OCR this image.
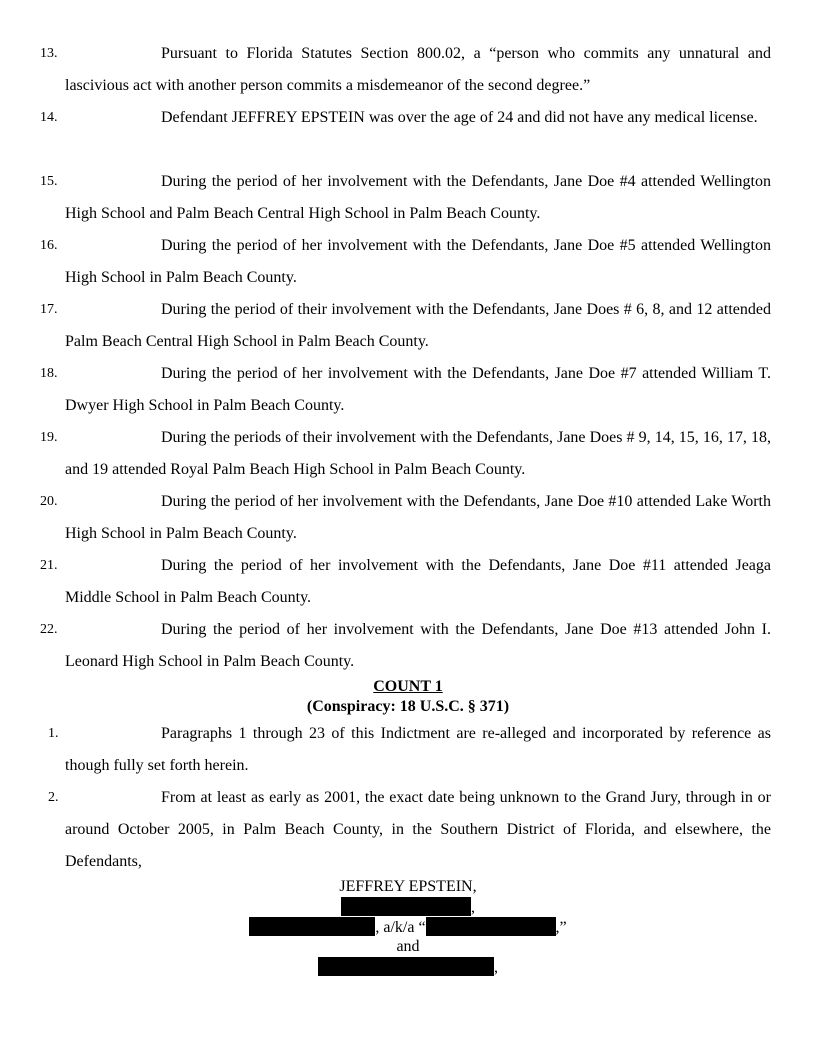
13.	Pursuant to Florida Statutes Section 800.02, a “person who commits any unnatural and lascivious act with another person commits a misdemeanor of the second degree.”

14.	Defendant JEFFREY EPSTEIN was over the age of 24 and did not have any medical license.

15.	During the period of her involvement with the Defendants, Jane Doe #4 attended Wellington High School and Palm Beach Central High School in Palm Beach County.

16.	During the period of her involvement with the Defendants, Jane Doe #5 attended Wellington High School in Palm Beach County.

17.	During the period of their involvement with the Defendants, Jane Does # 6, 8, and 12 attended Palm Beach Central High School in Palm Beach County.

18.	During the period of her involvement with the Defendants, Jane Doe #7 attended William T. Dwyer High School in Palm Beach County.

19.	During the periods of their involvement with the Defendants, Jane Does # 9, 14, 15, 16, 17, 18, and 19 attended Royal Palm Beach High School in Palm Beach County.

20.	During the period of her involvement with the Defendants, Jane Doe #10 attended Lake Worth High School in Palm Beach County.

21.	During the period of her involvement with the Defendants, Jane Doe #11 attended Jeaga Middle School in Palm Beach County.

22.	During the period of her involvement with the Defendants, Jane Doe #13 attended John I. Leonard High School in Palm Beach County.

COUNT 1
(Conspiracy: 18 U.S.C. § 371)
1.	Paragraphs 1 through 23 of this Indictment are re-alleged and incorporated by reference as though fully set forth herein.

2.	From at least as early as 2001, the exact date being unknown to the Grand Jury, through in or around October 2005, in Palm Beach County, in the Southern District of Florida, and elsewhere, the Defendants,

JEFFREY EPSTEIN,
,
, a/k/a “	,”
and
,
